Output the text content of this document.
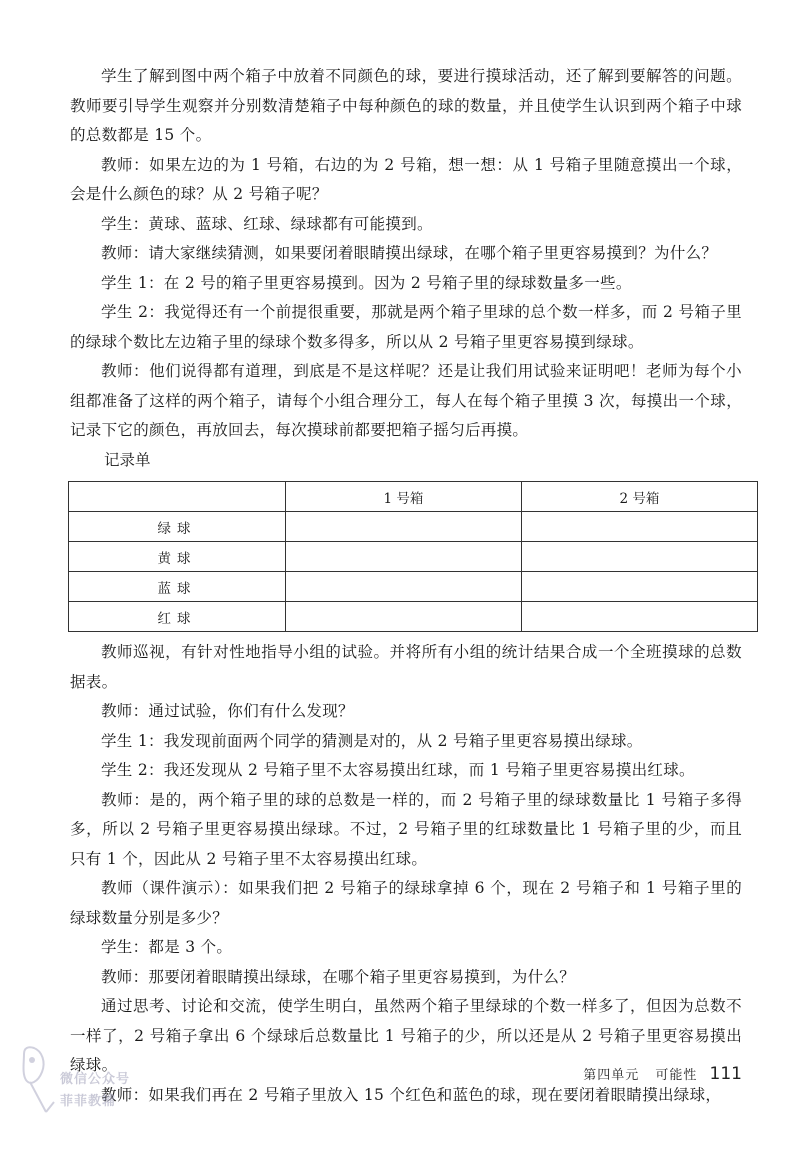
学生了解到图中两个箱子中放着不同颜色的球，要进行摸球活动，还了解到要解答的问题。教师要引导学生观察并分别数清楚箱子中每种颜色的球的数量，并且使学生认识到两个箱子中球的总数都是 15 个。

教师：如果左边的为 1 号箱，右边的为 2 号箱，想一想：从 1 号箱子里随意摸出一个球，会是什么颜色的球？从 2 号箱子呢？

学生：黄球、蓝球、红球、绿球都有可能摸到。

教师：请大家继续猜测，如果要闭着眼睛摸出绿球，在哪个箱子里更容易摸到？为什么？

学生 1：在 2 号的箱子里更容易摸到。因为 2 号箱子里的绿球数量多一些。

学生 2：我觉得还有一个前提很重要，那就是两个箱子里球的总个数一样多，而 2 号箱子里的绿球个数比左边箱子里的绿球个数多得多，所以从 2 号箱子里更容易摸到绿球。

教师：他们说得都有道理，到底是不是这样呢？还是让我们用试验来证明吧！老师为每个小组都准备了这样的两个箱子，请每个小组合理分工，每人在每个箱子里摸 3 次，每摸出一个球，记录下它的颜色，再放回去，每次摸球前都要把箱子摇匀后再摸。

记录单

	1 号箱	2 号箱
绿球		
黄球		
蓝球		
红球		

教师巡视，有针对性地指导小组的试验。并将所有小组的统计结果合成一个全班摸球的总数据表。

教师：通过试验，你们有什么发现？

学生 1：我发现前面两个同学的猜测是对的，从 2 号箱子里更容易摸出绿球。

学生 2：我还发现从 2 号箱子里不太容易摸出红球，而 1 号箱子里更容易摸出红球。

教师：是的，两个箱子里的球的总数是一样的，而 2 号箱子里的绿球数量比 1 号箱子多得多，所以 2 号箱子里更容易摸出绿球。不过，2 号箱子里的红球数量比 1 号箱子里的少，而且只有 1 个，因此从 2 号箱子里不太容易摸出红球。

教师（课件演示）：如果我们把 2 号箱子的绿球拿掉 6 个，现在 2 号箱子和 1 号箱子里的绿球数量分别是多少？

学生：都是 3 个。

教师：那要闭着眼睛摸出绿球，在哪个箱子里更容易摸到，为什么？

通过思考、讨论和交流，使学生明白，虽然两个箱子里绿球的个数一样多了，但因为总数不一样了，2 号箱子拿出 6 个绿球后总数量比 1 号箱子的少，所以还是从 2 号箱子里更容易摸出绿球。

教师：如果我们再在 2 号箱子里放入 15 个红色和蓝色的球，现在要闭着眼睛摸出绿球，

微信公众号
菲菲教辅
第四单元 可能性 111
